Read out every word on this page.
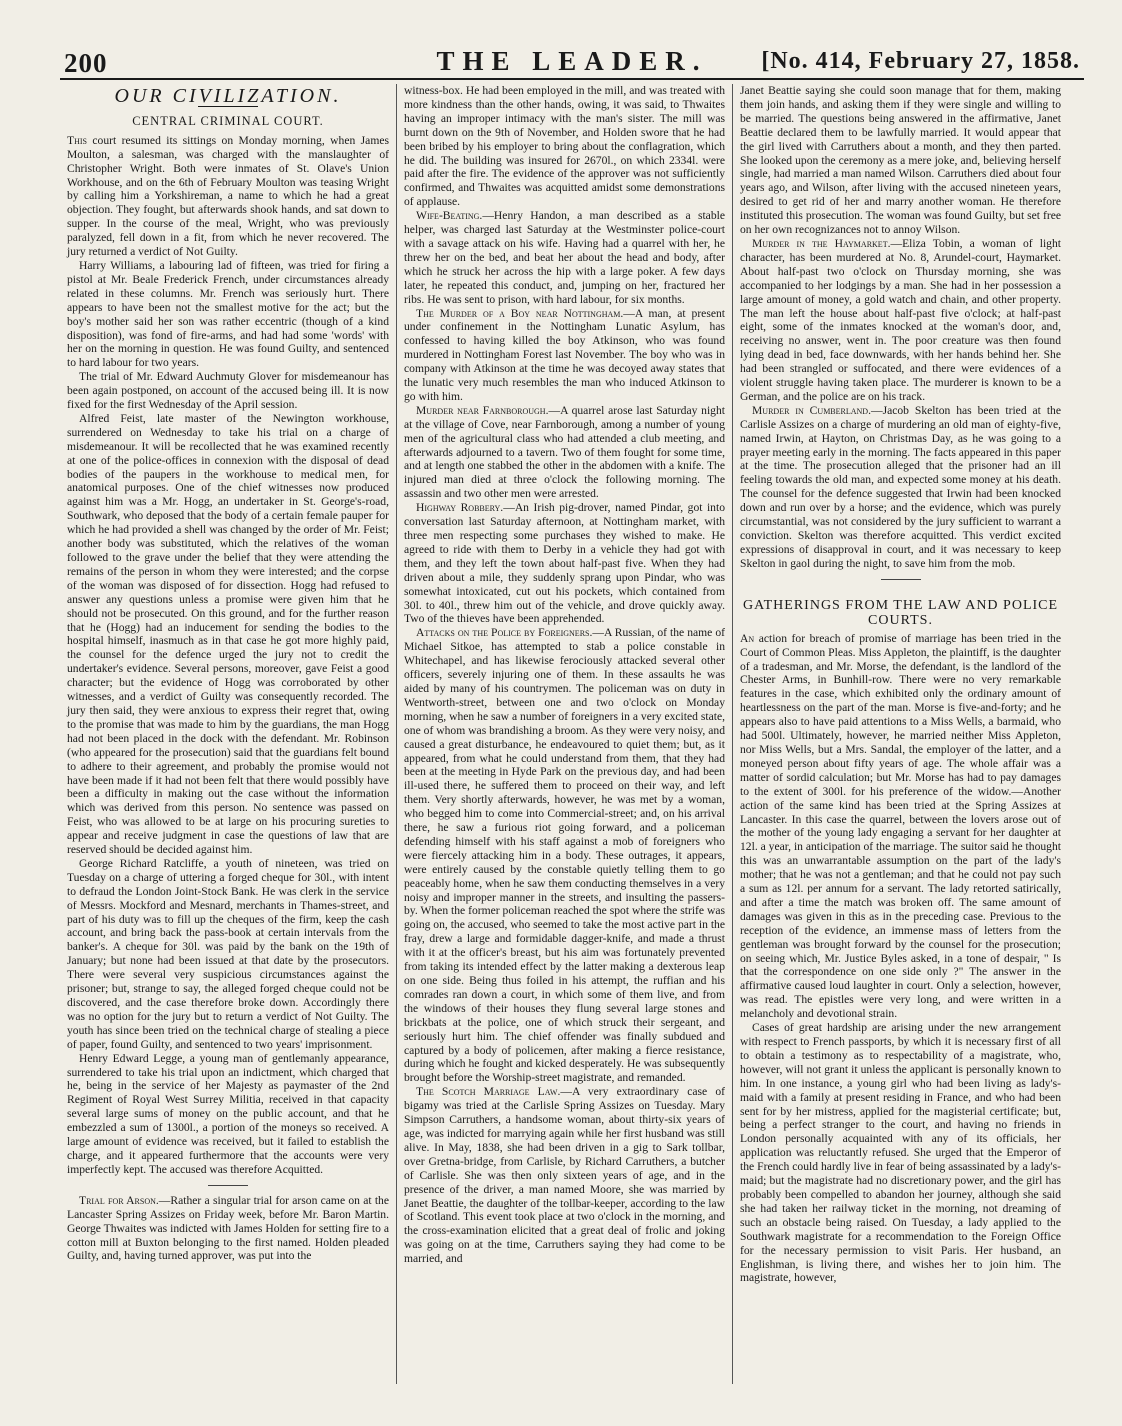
200	THE LEADER.	[No. 414, February 27, 1858.
OUR CIVILIZATION.
CENTRAL CRIMINAL COURT.

This court resumed its sittings on Monday morning, when James Moulton, a salesman, was charged with the manslaughter of Christopher Wright. Both were inmates of St. Olave's Union Workhouse, and on the 6th of February Moulton was teasing Wright by calling him a Yorkshireman, a name to which he had a great objection. They fought, but afterwards shook hands, and sat down to supper. In the course of the meal, Wright, who was previously paralyzed, fell down in a fit, from which he never recovered. The jury returned a verdict of Not Guilty.

Harry Williams, a labouring lad of fifteen, was tried for firing a pistol at Mr. Beale Frederick French, under circumstances already related in these columns. Mr. French was seriously hurt. There appears to have been not the smallest motive for the act; but the boy's mother said her son was rather eccentric (though of a kind disposition), was fond of fire-arms, and had had some 'words' with her on the morning in question. He was found Guilty, and sentenced to hard labour for two years.

The trial of Mr. Edward Auchmuty Glover for misdemeanour has been again postponed, on account of the accused being ill. It is now fixed for the first Wednesday of the April session.

Alfred Feist, late master of the Newington workhouse, surrendered on Wednesday to take his trial on a charge of misdemeanour. It will be recollected that he was examined recently at one of the police-offices in connexion with the disposal of dead bodies of the paupers in the workhouse to medical men, for anatomical purposes. One of the chief witnesses now produced against him was a Mr. Hogg, an undertaker in St. George's-road, Southwark, who deposed that the body of a certain female pauper for which he had provided a shell was changed by the order of Mr. Feist; another body was substituted, which the relatives of the woman followed to the grave under the belief that they were attending the remains of the person in whom they were interested; and the corpse of the woman was disposed of for dissection. Hogg had refused to answer any questions unless a promise were given him that he should not be prosecuted. On this ground, and for the further reason that he (Hogg) had an inducement for sending the bodies to the hospital himself, inasmuch as in that case he got more highly paid, the counsel for the defence urged the jury not to credit the undertaker's evidence. Several persons, moreover, gave Feist a good character; but the evidence of Hogg was corroborated by other witnesses, and a verdict of Guilty was consequently recorded. The jury then said, they were anxious to express their regret that, owing to the promise that was made to him by the guardians, the man Hogg had not been placed in the dock with the defendant. Mr. Robinson (who appeared for the prosecution) said that the guardians felt bound to adhere to their agreement, and probably the promise would not have been made if it had not been felt that there would possibly have been a difficulty in making out the case without the information which was derived from this person. No sentence was passed on Feist, who was allowed to be at large on his procuring sureties to appear and receive judgment in case the questions of law that are reserved should be decided against him.

George Richard Ratcliffe, a youth of nineteen, was tried on Tuesday on a charge of uttering a forged cheque for 30l., with intent to defraud the London Joint-Stock Bank. He was clerk in the service of Messrs. Mockford and Mesnard, merchants in Thames-street, and part of his duty was to fill up the cheques of the firm, keep the cash account, and bring back the pass-book at certain intervals from the banker's. A cheque for 30l. was paid by the bank on the 19th of January; but none had been issued at that date by the prosecutors. There were several very suspicious circumstances against the prisoner; but, strange to say, the alleged forged cheque could not be discovered, and the case therefore broke down. Accordingly there was no option for the jury but to return a verdict of Not Guilty. The youth has since been tried on the technical charge of stealing a piece of paper, found Guilty, and sentenced to two years' imprisonment.

Henry Edward Legge, a young man of gentlemanly appearance, surrendered to take his trial upon an indictment, which charged that he, being in the service of her Majesty as paymaster of the 2nd Regiment of Royal West Surrey Militia, received in that capacity several large sums of money on the public account, and that he embezzled a sum of 1300l., a portion of the moneys so received. A large amount of evidence was received, but it failed to establish the charge, and it appeared furthermore that the accounts were very imperfectly kept. The accused was therefore Acquitted.

Trial for Arson.—Rather a singular trial for arson came on at the Lancaster Spring Assizes on Friday week, before Mr. Baron Martin. George Thwaites was indicted with James Holden for setting fire to a cotton mill at Buxton belonging to the first named. Holden pleaded Guilty, and, having turned approver, was put into the

witness-box. He had been employed in the mill, and was treated with more kindness than the other hands, owing, it was said, to Thwaites having an improper intimacy with the man's sister. The mill was burnt down on the 9th of November, and Holden swore that he had been bribed by his employer to bring about the conflagration, which he did. The building was insured for 2670l., on which 2334l. were paid after the fire. The evidence of the approver was not sufficiently confirmed, and Thwaites was acquitted amidst some demonstrations of applause.

Wife-Beating.—Henry Handon, a man described as a stable helper, was charged last Saturday at the Westminster police-court with a savage attack on his wife. Having had a quarrel with her, he threw her on the bed, and beat her about the head and body, after which he struck her across the hip with a large poker. A few days later, he repeated this conduct, and, jumping on her, fractured her ribs. He was sent to prison, with hard labour, for six months.

The Murder of a Boy near Nottingham.—A man, at present under confinement in the Nottingham Lunatic Asylum, has confessed to having killed the boy Atkinson, who was found murdered in Nottingham Forest last November. The boy who was in company with Atkinson at the time he was decoyed away states that the lunatic very much resembles the man who induced Atkinson to go with him.

Murder near Farnborough.—A quarrel arose last Saturday night at the village of Cove, near Farnborough, among a number of young men of the agricultural class who had attended a club meeting, and afterwards adjourned to a tavern. Two of them fought for some time, and at length one stabbed the other in the abdomen with a knife. The injured man died at three o'clock the following morning. The assassin and two other men were arrested.

Highway Robbery.—An Irish pig-drover, named Pindar, got into conversation last Saturday afternoon, at Nottingham market, with three men respecting some purchases they wished to make. He agreed to ride with them to Derby in a vehicle they had got with them, and they left the town about half-past five. When they had driven about a mile, they suddenly sprang upon Pindar, who was somewhat intoxicated, cut out his pockets, which contained from 30l. to 40l., threw him out of the vehicle, and drove quickly away. Two of the thieves have been apprehended.

Attacks on the Police by Foreigners.—A Russian, of the name of Michael Sitkoe, has attempted to stab a police constable in Whitechapel, and has likewise ferociously attacked several other officers, severely injuring one of them. In these assaults he was aided by many of his countrymen. The policeman was on duty in Wentworth-street, between one and two o'clock on Monday morning, when he saw a number of foreigners in a very excited state, one of whom was brandishing a broom. As they were very noisy, and caused a great disturbance, he endeavoured to quiet them; but, as it appeared, from what he could understand from them, that they had been at the meeting in Hyde Park on the previous day, and had been ill-used there, he suffered them to proceed on their way, and left them. Very shortly afterwards, however, he was met by a woman, who begged him to come into Commercial-street; and, on his arrival there, he saw a furious riot going forward, and a policeman defending himself with his staff against a mob of foreigners who were fiercely attacking him in a body. These outrages, it appears, were entirely caused by the constable quietly telling them to go peaceably home, when he saw them conducting themselves in a very noisy and improper manner in the streets, and insulting the passers-by. When the former policeman reached the spot where the strife was going on, the accused, who seemed to take the most active part in the fray, drew a large and formidable dagger-knife, and made a thrust with it at the officer's breast, but his aim was fortunately prevented from taking its intended effect by the latter making a dexterous leap on one side. Being thus foiled in his attempt, the ruffian and his comrades ran down a court, in which some of them live, and from the windows of their houses they flung several large stones and brickbats at the police, one of which struck their sergeant, and seriously hurt him. The chief offender was finally subdued and captured by a body of policemen, after making a fierce resistance, during which he fought and kicked desperately. He was subsequently brought before the Worship-street magistrate, and remanded.

The Scotch Marriage Law.—A very extraordinary case of bigamy was tried at the Carlisle Spring Assizes on Tuesday. Mary Simpson Carruthers, a handsome woman, about thirty-six years of age, was indicted for marrying again while her first husband was still alive. In May, 1838, she had been driven in a gig to Sark tollbar, over Gretna-bridge, from Carlisle, by Richard Carruthers, a butcher of Carlisle. She was then only sixteen years of age, and in the presence of the driver, a man named Moore, she was married by Janet Beattie, the daughter of the tollbar-keeper, according to the law of Scotland. This event took place at two o'clock in the morning, and the cross-examination elicited that a great deal of frolic and joking was going on at the time, Carruthers saying they had come to be married, and

Janet Beattie saying she could soon manage that for them, making them join hands, and asking them if they were single and willing to be married. The questions being answered in the affirmative, Janet Beattie declared them to be lawfully married. It would appear that the girl lived with Carruthers about a month, and they then parted. She looked upon the ceremony as a mere joke, and, believing herself single, had married a man named Wilson. Carruthers died about four years ago, and Wilson, after living with the accused nineteen years, desired to get rid of her and marry another woman. He therefore instituted this prosecution. The woman was found Guilty, but set free on her own recognizances not to annoy Wilson.

Murder in the Haymarket.—Eliza Tobin, a woman of light character, has been murdered at No. 8, Arundel-court, Haymarket. About half-past two o'clock on Thursday morning, she was accompanied to her lodgings by a man. She had in her possession a large amount of money, a gold watch and chain, and other property. The man left the house about half-past five o'clock; at half-past eight, some of the inmates knocked at the woman's door, and, receiving no answer, went in. The poor creature was then found lying dead in bed, face downwards, with her hands behind her. She had been strangled or suffocated, and there were evidences of a violent struggle having taken place. The murderer is known to be a German, and the police are on his track.

Murder in Cumberland.—Jacob Skelton has been tried at the Carlisle Assizes on a charge of murdering an old man of eighty-five, named Irwin, at Hayton, on Christmas Day, as he was going to a prayer meeting early in the morning. The facts appeared in this paper at the time. The prosecution alleged that the prisoner had an ill feeling towards the old man, and expected some money at his death. The counsel for the defence suggested that Irwin had been knocked down and run over by a horse; and the evidence, which was purely circumstantial, was not considered by the jury sufficient to warrant a conviction. Skelton was therefore acquitted. This verdict excited expressions of disapproval in court, and it was necessary to keep Skelton in gaol during the night, to save him from the mob.

GATHERINGS FROM THE LAW AND POLICE COURTS.

An action for breach of promise of marriage has been tried in the Court of Common Pleas. Miss Appleton, the plaintiff, is the daughter of a tradesman, and Mr. Morse, the defendant, is the landlord of the Chester Arms, in Bunhill-row. There were no very remarkable features in the case, which exhibited only the ordinary amount of heartlessness on the part of the man. Morse is five-and-forty; and he appears also to have paid attentions to a Miss Wells, a barmaid, who had 500l. Ultimately, however, he married neither Miss Appleton, nor Miss Wells, but a Mrs. Sandal, the employer of the latter, and a moneyed person about fifty years of age. The whole affair was a matter of sordid calculation; but Mr. Morse has had to pay damages to the extent of 300l. for his preference of the widow.—Another action of the same kind has been tried at the Spring Assizes at Lancaster. In this case the quarrel, between the lovers arose out of the mother of the young lady engaging a servant for her daughter at 12l. a year, in anticipation of the marriage. The suitor said he thought this was an unwarrantable assumption on the part of the lady's mother; that he was not a gentleman; and that he could not pay such a sum as 12l. per annum for a servant. The lady retorted satirically, and after a time the match was broken off. The same amount of damages was given in this as in the preceding case. Previous to the reception of the evidence, an immense mass of letters from the gentleman was brought forward by the counsel for the prosecution; on seeing which, Mr. Justice Byles asked, in a tone of despair, " Is that the correspondence on one side only ?" The answer in the affirmative caused loud laughter in court. Only a selection, however, was read. The epistles were very long, and were written in a melancholy and devotional strain.

Cases of great hardship are arising under the new arrangement with respect to French passports, by which it is necessary first of all to obtain a testimony as to respectability of a magistrate, who, however, will not grant it unless the applicant is personally known to him. In one instance, a young girl who had been living as lady's-maid with a family at present residing in France, and who had been sent for by her mistress, applied for the magisterial certificate; but, being a perfect stranger to the court, and having no friends in London personally acquainted with any of its officials, her application was reluctantly refused. She urged that the Emperor of the French could hardly live in fear of being assassinated by a lady's-maid; but the magistrate had no discretionary power, and the girl has probably been compelled to abandon her journey, although she said she had taken her railway ticket in the morning, not dreaming of such an obstacle being raised. On Tuesday, a lady applied to the Southwark magistrate for a recommendation to the Foreign Office for the necessary permission to visit Paris. Her husband, an Englishman, is living there, and wishes her to join him. The magistrate, however,
